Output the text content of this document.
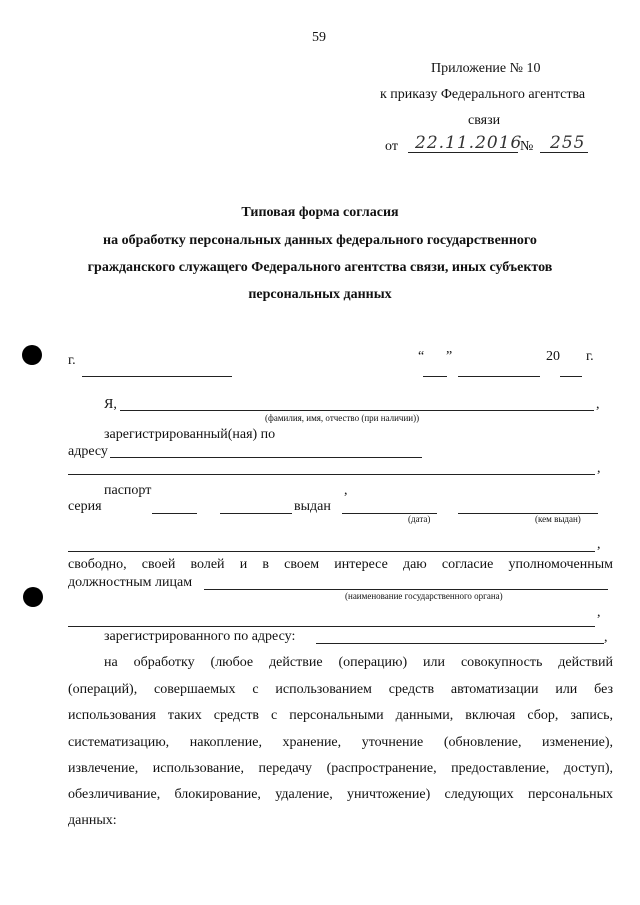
59
Приложение № 10
к приказу Федерального агентства
связи
от 22.11.2016
№ 255
Типовая форма согласия
на обработку персональных данных федерального государственного
гражданского служащего Федерального агентства связи, иных субъектов
персональных данных
г.	“ ”	20 г.
Я,	,
(фамилия, имя, отчество (при наличии))
зарегистрированный(ная) по
адресу
,
паспорт	,
серия	выдан
(дата)	(кем выдан)
,
свободно, своей волей и в своем интересе даю согласие уполномоченным
должностным лицам
(наименование государственного органа)
,
зарегистрированного по адресу:	,
на обработку (любое действие (операцию) или совокупность действий
(операций), совершаемых с использованием средств автоматизации или без
использования таких средств с персональными данными, включая сбор, запись,
систематизацию, накопление, хранение, уточнение (обновление, изменение),
извлечение, использование, передачу (распространение, предоставление, доступ),
обезличивание, блокирование, удаление, уничтожение) следующих персональных
данных:
